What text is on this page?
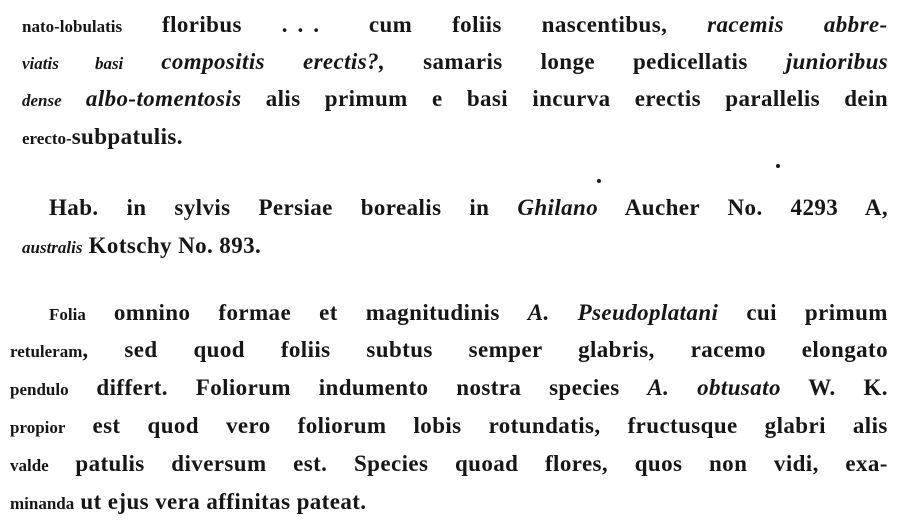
nato-lobulatis floribus ... cum foliis nascentibus, racemis abbre-
viatis basi compositis erectis?, samaris longe pedicellatis junioribus
dense albo-tomentosis alis primum e basi incurva erectis parallelis dein
erecto-subpatulis.
Hab. in sylvis Persiae borealis in Ghilano Aucher No. 4293 A,
australis Kotschy No. 893.
Folia omnino formae et magnitudinis A. Pseudoplatani cui primum
retuleram, sed quod foliis subtus semper glabris, racemo elongato
pendulo differt. Foliorum indumento nostra species A. obtusato W. K.
propior est quod vero foliorum lobis rotundatis, fructusque glabri alis
valde patulis diversum est. Species quoad flores, quos non vidi, exa-
minanda ut ejus vera affinitas pateat.
